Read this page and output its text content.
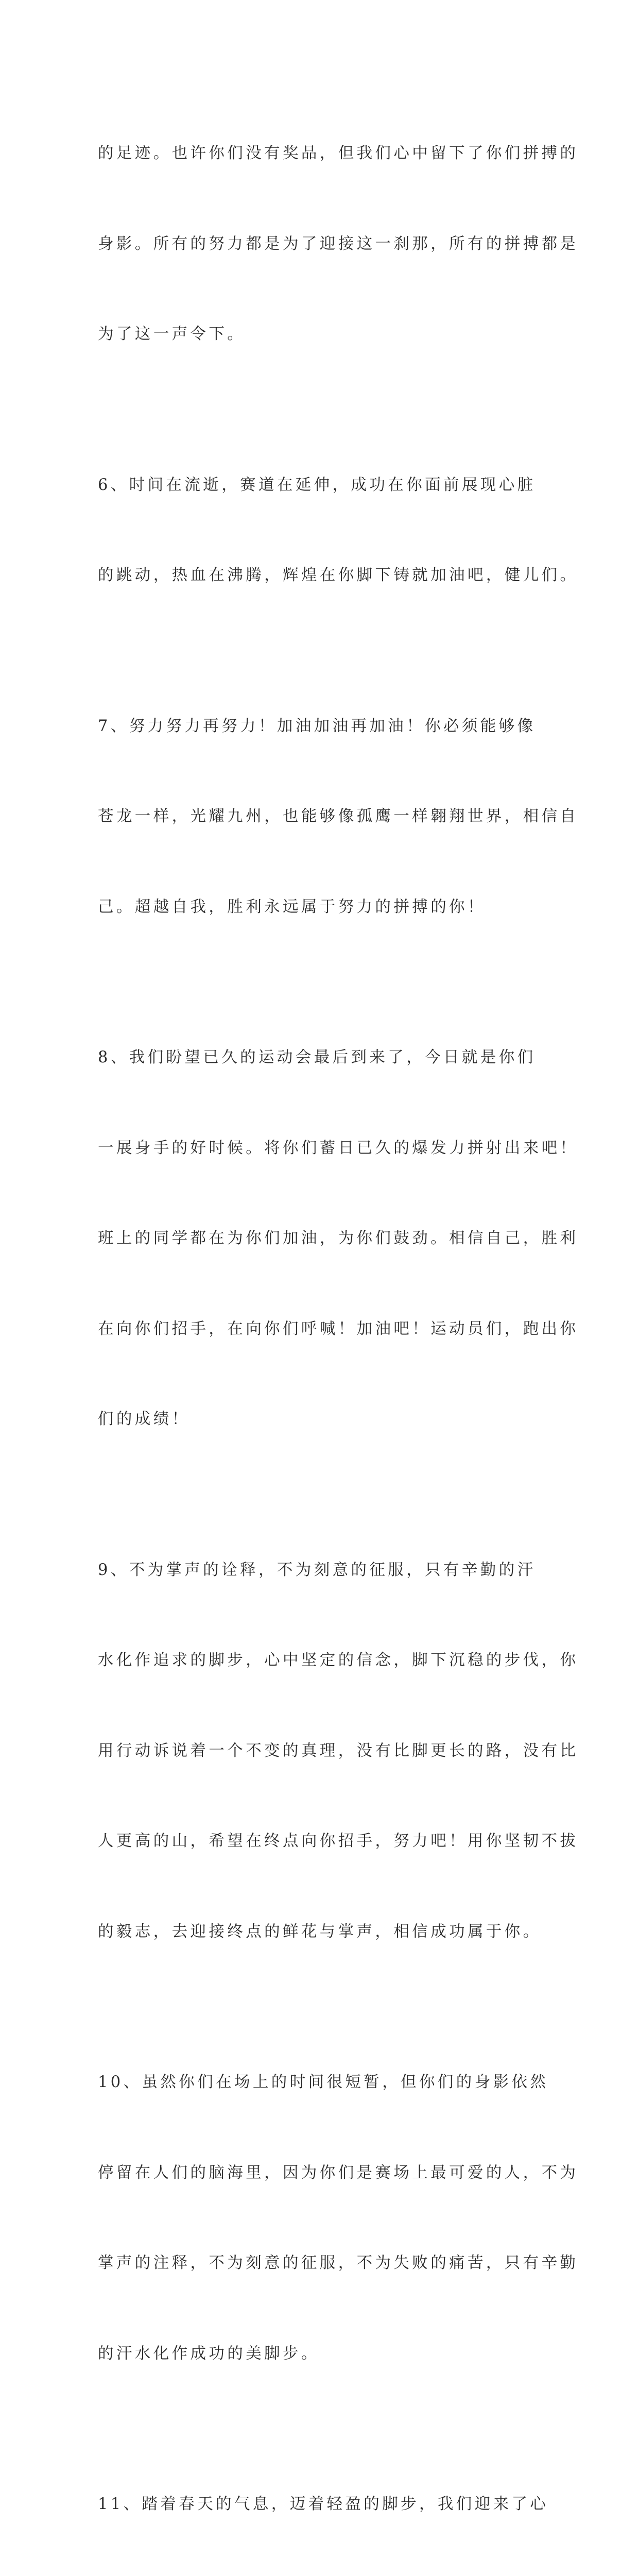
的足迹。也许你们没有奖品，但我们心中留下了你们拼搏的

身影。所有的努力都是为了迎接这一刹那，所有的拼搏都是

为了这一声令下。

6、时间在流逝，赛道在延伸，成功在你面前展现心脏

的跳动，热血在沸腾，辉煌在你脚下铸就加油吧，健儿们。

7、努力努力再努力！加油加油再加油！你必须能够像

苍龙一样，光耀九州，也能够像孤鹰一样翱翔世界，相信自

己。超越自我，胜利永远属于努力的拼搏的你！

8、我们盼望已久的运动会最后到来了，今日就是你们

一展身手的好时候。将你们蓄日已久的爆发力拼射出来吧！

班上的同学都在为你们加油，为你们鼓劲。相信自己，胜利

在向你们招手，在向你们呼喊！加油吧！运动员们，跑出你

们的成绩！

9、不为掌声的诠释，不为刻意的征服，只有辛勤的汗

水化作追求的脚步，心中坚定的信念，脚下沉稳的步伐，你

用行动诉说着一个不变的真理，没有比脚更长的路，没有比

人更高的山，希望在终点向你招手，努力吧！用你坚韧不拔

的毅志，去迎接终点的鲜花与掌声，相信成功属于你。

10、虽然你们在场上的时间很短暂，但你们的身影依然

停留在人们的脑海里，因为你们是赛场上最可爱的人，不为

掌声的注释，不为刻意的征服，不为失败的痛苦，只有辛勤

的汗水化作成功的美脚步。

11、踏着春天的气息，迈着轻盈的脚步，我们迎来了心
